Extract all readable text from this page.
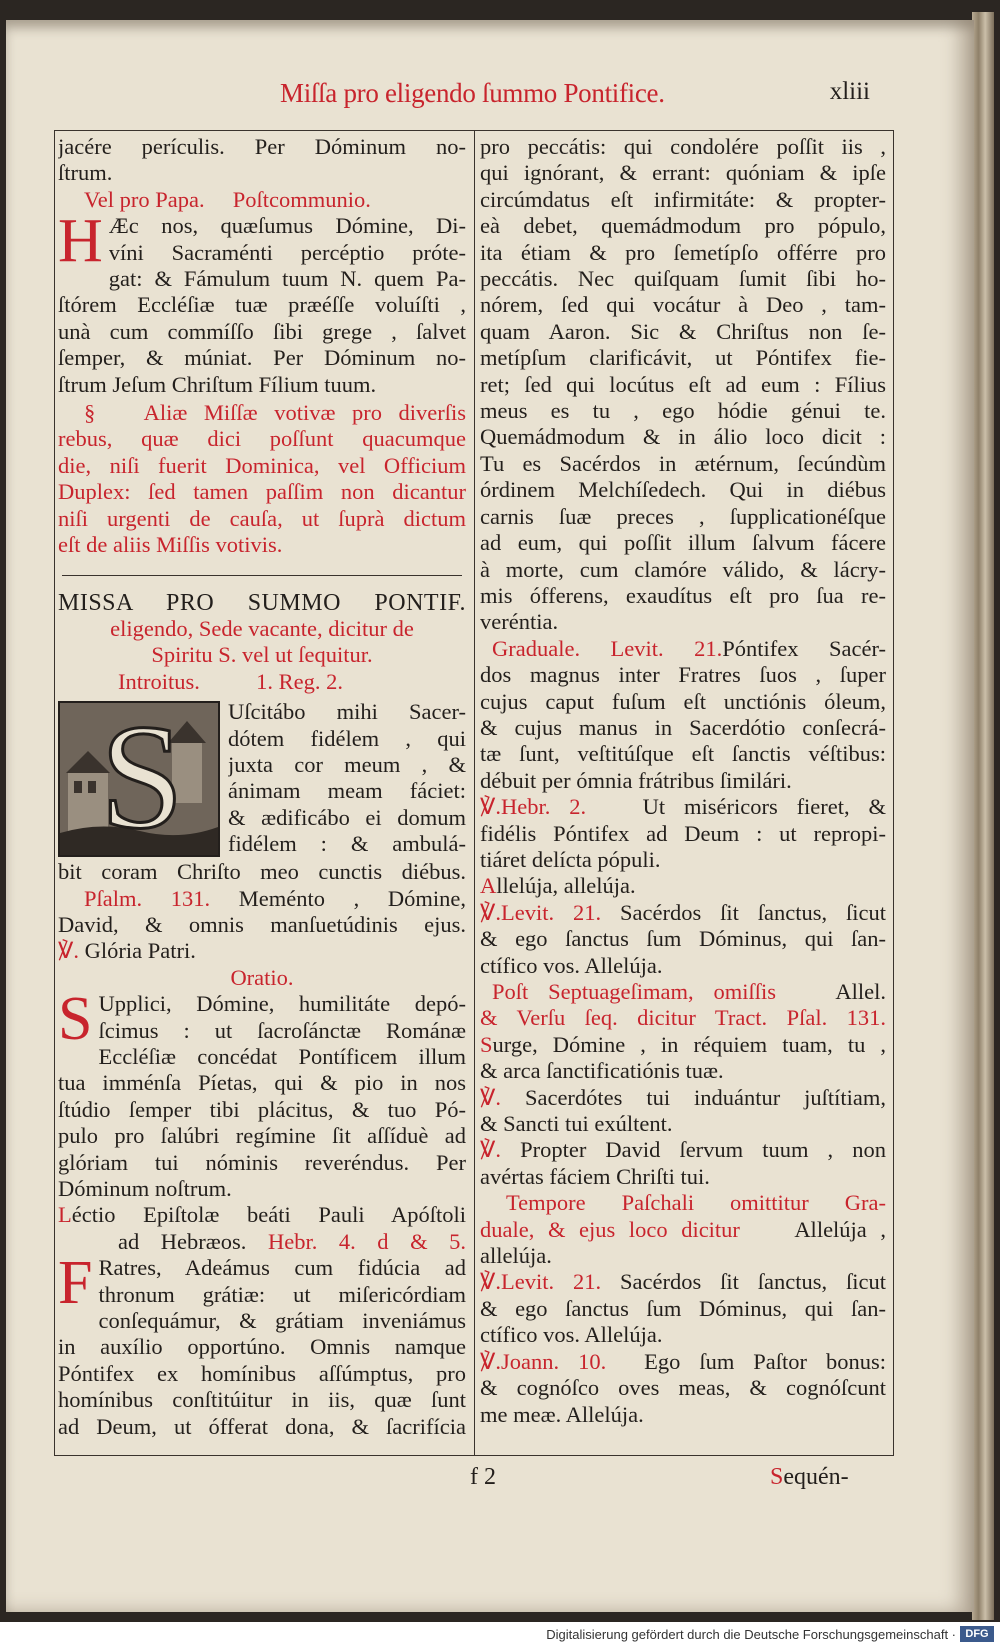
Miſſa pro eligendo ſummo Pontifice.	xliii
jacére perículis. Per Dóminum no-
ſtrum.
Vel pro Papa.     Poſtcommunio.
H Æc nos, quæſumus Dómine, Di-
víni Sacraménti percéptio próte-
gat: & Fámulum tuum N. quem Pa-
ſtórem Eccléſiæ tuæ præéſſe voluíſti ,
unà cum commíſſo ſibi grege , ſalvet
ſemper, & múniat. Per Dóminum no-
ſtrum Jeſum Chriſtum Fílium tuum.
§   Aliæ Miſſæ votivæ pro diverſis
rebus, quæ dici poſſunt quacumque
die, niſi fuerit Dominica, vel Officium
Duplex: ſed tamen paſſim non dicantur
niſi urgenti de cauſa, ut ſuprà dictum
eſt de aliis Miſſis votivis.
MISSA PRO SUMMO PONTIF.
eligendo, Sede vacante, dicitur de
Spiritu S. vel ut ſequitur.
Introitus.          1. Reg. 2.
S Uſcitábo mihi Sacer-
dótem fidélem , qui
juxta cor meum , &
ánimam meam fáciet:
& ædificábo ei domum
fidélem : & ambulá-
bit coram Chriſto meo cunctis diébus.
Pſalm. 131. Meménto , Dómine,
David, & omnis manſuetúdinis ejus.
℣. Glória Patri.
Oratio.
S Upplici, Dómine, humilitáte depó-
ſcimus : ut ſacroſánctæ Románæ
Eccléſiæ concédat Pontíficem illum
tua imménſa Píetas, qui & pio in nos
ſtúdio ſemper tibi plácitus, & tuo Pó-
pulo pro ſalúbri regímine ſit aſſíduè ad
glóriam tui nóminis reveréndus. Per
Dóminum noſtrum.
Léctio Epiſtolæ beáti Pauli Apóſtoli
ad Hebræos. Hebr. 4. d & 5.
F Ratres, Adeámus cum fidúcia ad
thronum grátiæ: ut miſericórdiam
conſequámur, & grátiam inveniámus
in auxílio opportúno. Omnis namque
Póntifex ex homínibus aſſúmptus, pro
homínibus conſtitúitur in iis, quæ ſunt
ad Deum, ut ófferat dona, & ſacrifícia
pro peccátis: qui condolére poſſit iis ,
qui ignórant, & errant: quóniam & ipſe
circúmdatus eſt infirmitáte: & propter-
eà debet, quemádmodum pro pópulo,
ita étiam & pro ſemetípſo offérre pro
peccátis. Nec quiſquam ſumit ſibi ho-
nórem, ſed qui vocátur à Deo , tam-
quam Aaron. Sic & Chriſtus non ſe-
metípſum clarificávit, ut Póntifex fie-
ret; ſed qui locútus eſt ad eum : Fílius
meus es tu , ego hódie génui te.
Quemádmodum & in álio loco dicit :
Tu es Sacérdos in ætérnum, ſecúndùm
órdinem Melchíſedech. Qui in diébus
carnis ſuæ preces , ſupplicationéſque
ad eum, qui poſſit illum ſalvum fácere
à morte, cum clamóre válido, & lácry-
mis ófferens, exaudítus eſt pro ſua re-
veréntia.
Graduale. Levit. 21.Póntifex Sacér-
dos magnus inter Fratres ſuos , ſuper
cujus caput fuſum eſt unctiónis óleum,
& cujus manus in Sacerdótio conſecrá-
tæ ſunt, veſtitúſque eſt ſanctis véſtibus:
débuit per ómnia frátribus ſimilári.
℣.Hebr. 2.	Ut miséricors fieret, &
fidélis Póntifex ad Deum : ut repropi-
tiáret delícta pópuli.
Allelúja, allelúja.
℣.Levit. 21. Sacérdos ſit ſanctus, ſicut
& ego ſanctus ſum Dóminus, qui ſan-
ctífico vos. Allelúja.
Poſt Septuageſimam, omiſſis	Allel.
& Verſu ſeq. dicitur Tract. Pſal. 131.
Surge, Dómine , in réquiem tuam, tu ,
& arca ſanctificatiónis tuæ.
℣. Sacerdótes tui induántur juſtítiam,
& Sancti tui exúltent.
℣. Propter David ſervum tuum , non
avértas fáciem Chriſti tui.
Tempore Paſchali omittitur Gra-
duale, & ejus loco dicitur Allelúja ,
allelúja.
℣.Levit. 21. Sacérdos ſit ſanctus, ſicut
& ego ſanctus ſum Dóminus, qui ſan-
ctífico vos. Allelúja.
℣.Joann. 10. Ego ſum Paſtor bonus:
& cognóſco oves meas, & cognóſcunt
me meæ. Allelúja.
f 2	Sequén-
Digitalisierung gefördert durch die Deutsche Forschungsgemeinschaft · DFG
